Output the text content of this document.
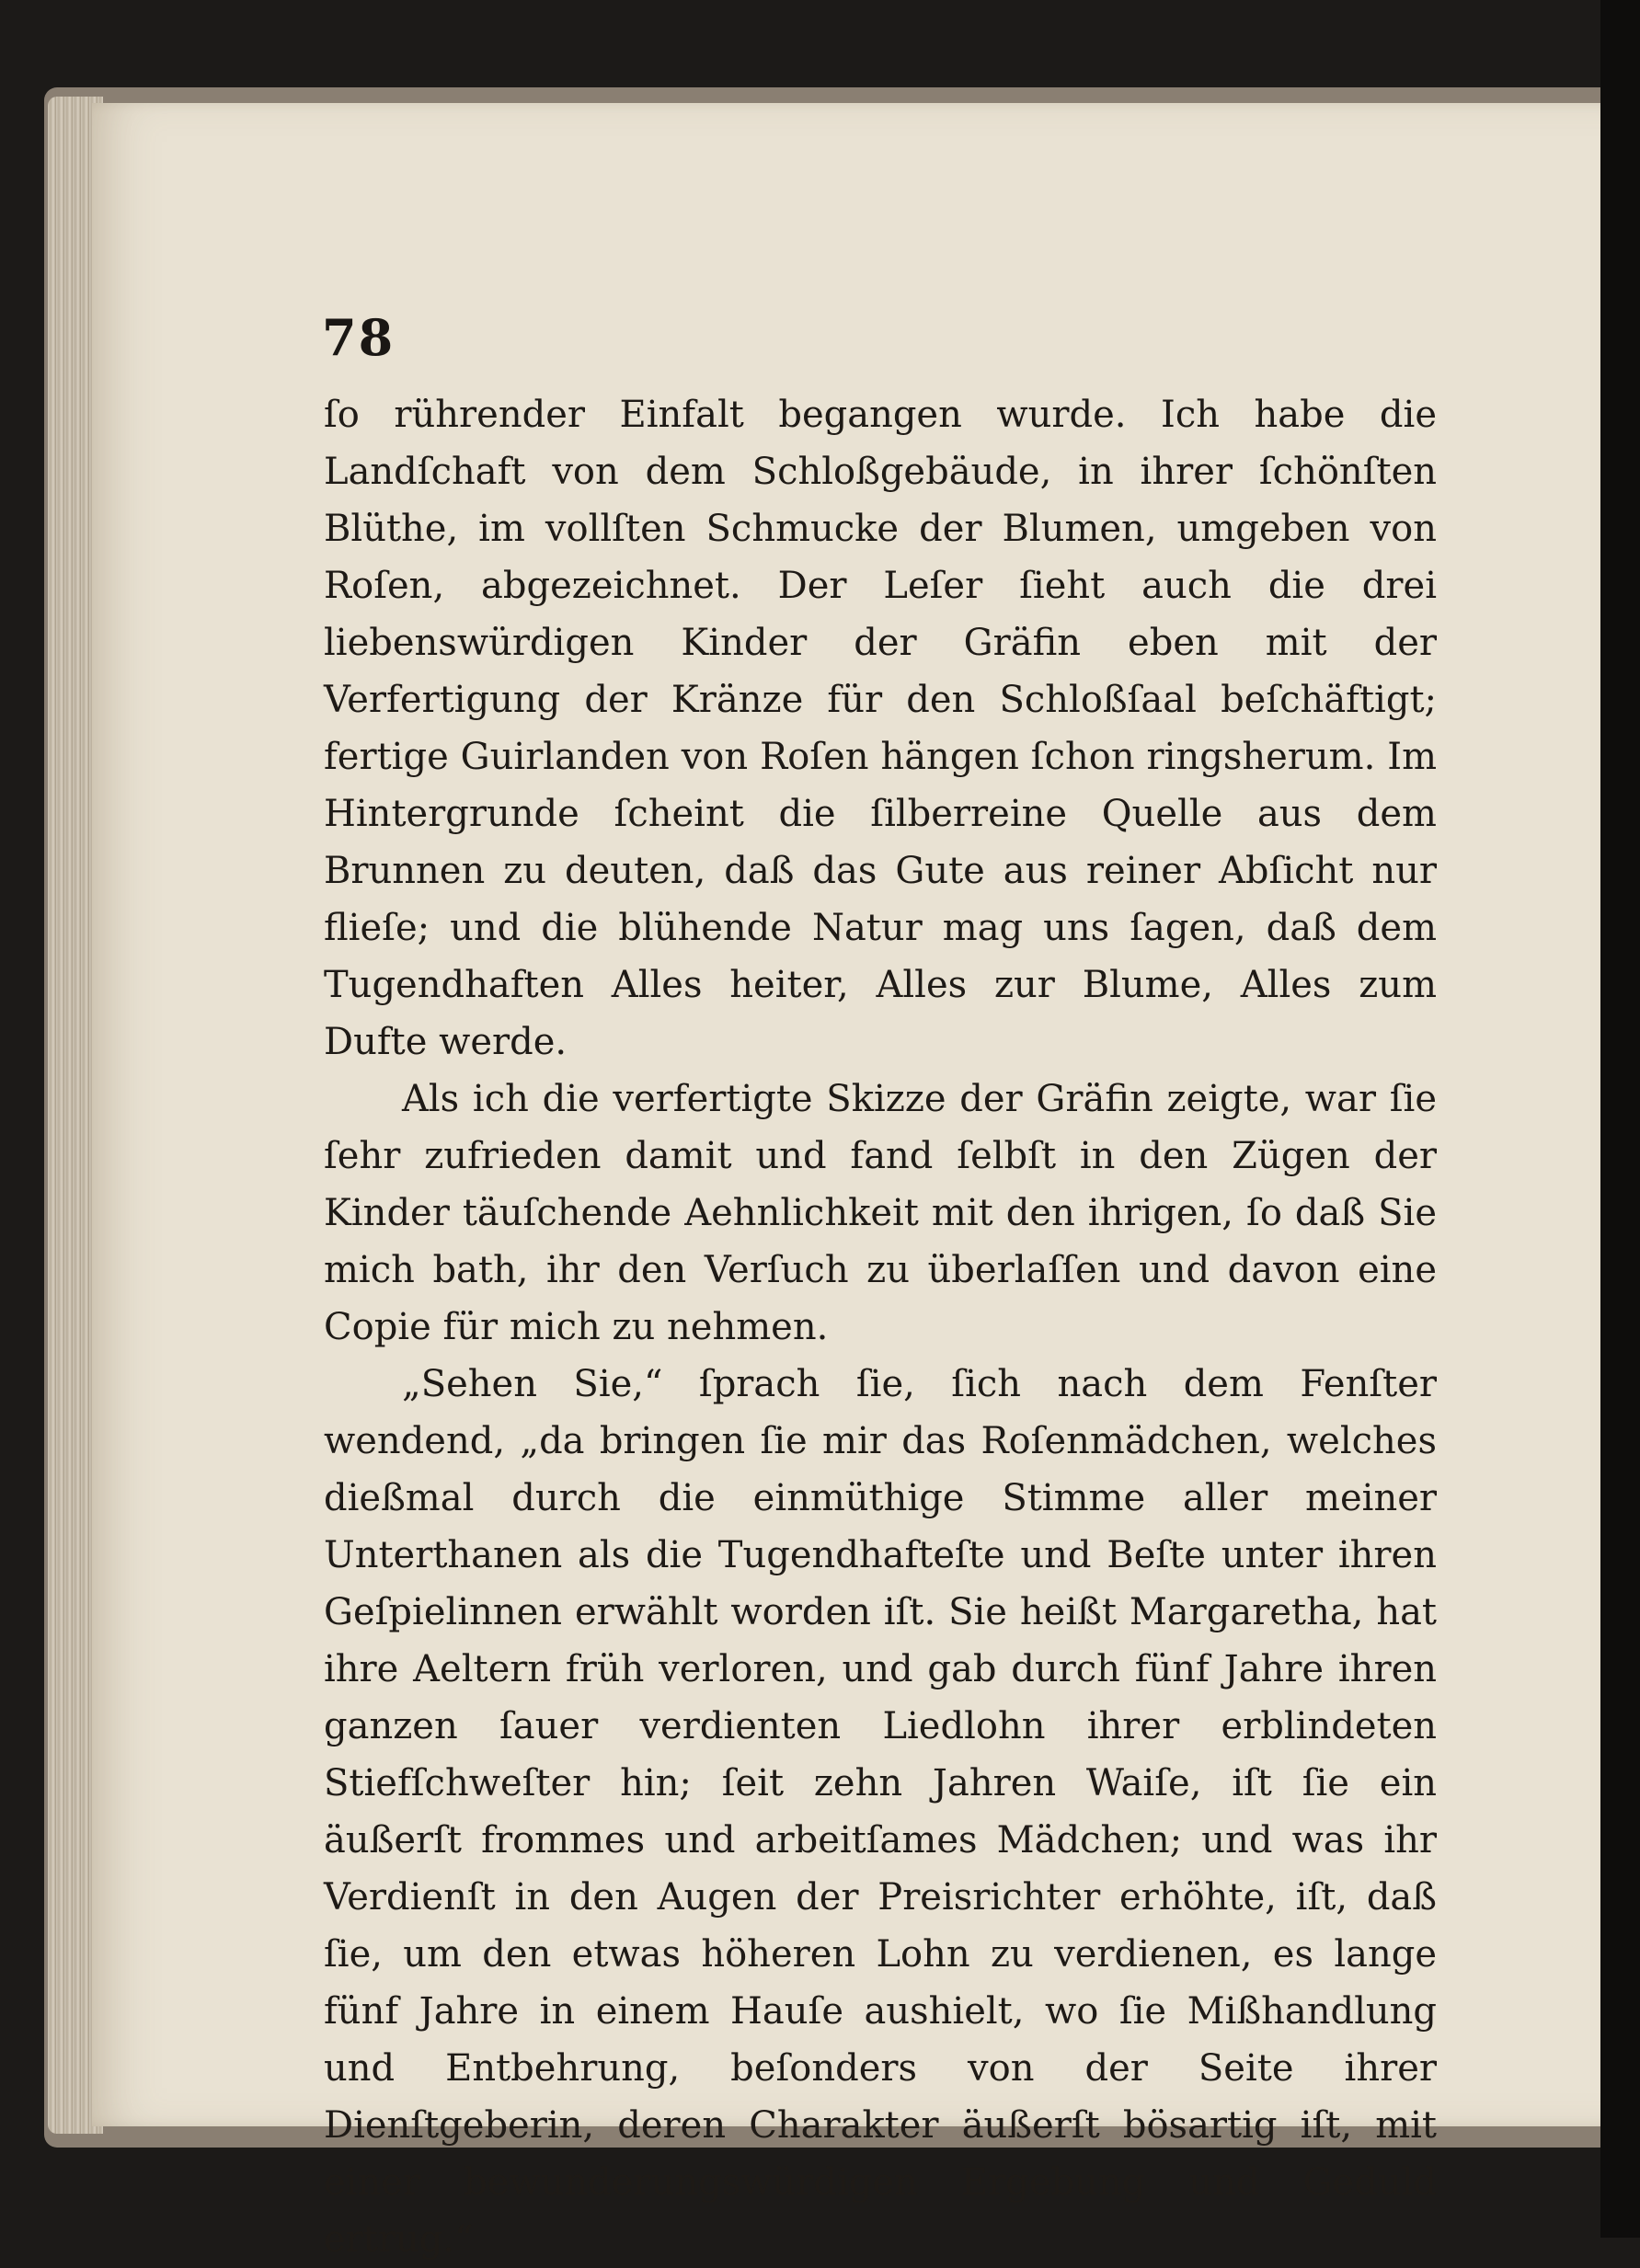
78

ſo rührender Einfalt begangen wurde. Ich habe die Landſchaft von dem Schloßgebäude, in ihrer ſchönſten Blüthe, im vollſten Schmucke der Blumen, umgeben von Roſen, abgezeichnet. Der Leſer ſieht auch die drei liebenswürdigen Kinder der Gräfin eben mit der Verfertigung der Kränze für den Schloßſaal beſchäftigt; fertige Guirlanden von Roſen hängen ſchon ringsherum. Im Hintergrunde ſcheint die ſilberreine Quelle aus dem Brunnen zu deuten, daß das Gute aus reiner Abſicht nur flieſe; und die blühende Natur mag uns ſagen, daß dem Tugendhaften Alles heiter, Alles zur Blume, Alles zum Dufte werde.

Als ich die verfertigte Skizze der Gräfin zeigte, war ſie ſehr zufrieden damit und fand ſelbſt in den Zügen der Kinder täuſchende Aehnlichkeit mit den ihrigen, ſo daß Sie mich bath, ihr den Verſuch zu überlaſſen und davon eine Copie für mich zu nehmen.

„Sehen Sie,“ ſprach ſie, ſich nach dem Fenſter wendend, „da bringen ſie mir das Roſenmädchen, welches dießmal durch die einmüthige Stimme aller meiner Unterthanen als die Tugendhafteſte und Beſte unter ihren Geſpielinnen erwählt worden iſt. Sie heißt Margaretha, hat ihre Aeltern früh verloren, und gab durch fünf Jahre ihren ganzen ſauer verdienten Liedlohn ihrer erblindeten Stiefſchweſter hin; ſeit zehn Jahren Waiſe, iſt ſie ein äußerſt frommes und arbeitſames Mädchen; und was ihr Verdienſt in den Augen der Preisrichter erhöhte, iſt, daß ſie, um den etwas höheren Lohn zu verdienen, es lange fünf Jahre in einem Hauſe aushielt, wo ſie Mißhandlung und Entbehrung, beſonders von der Seite ihrer Dienſtgeberin, deren Charakter äußerſt bösartig iſt, mit einer bewunderungswürdigen Ergebung und Geduld ertrug.“
